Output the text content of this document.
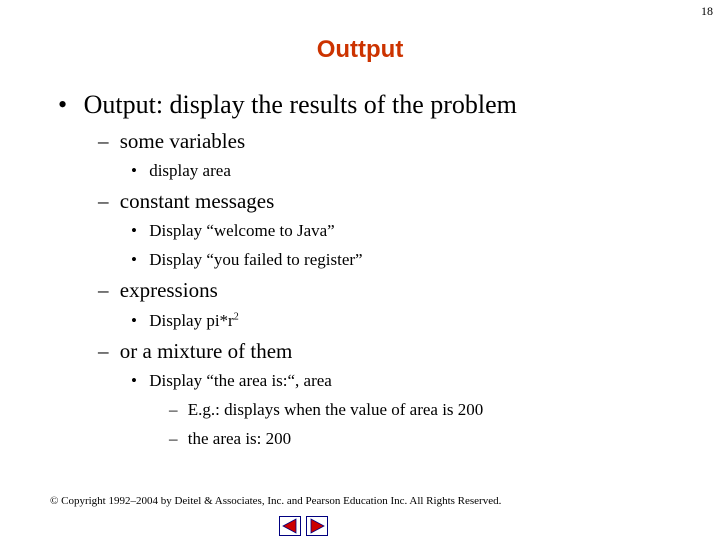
18
Outtput
• Output: display the results of the problem
– some variables
• display area
– constant messages
• Display “welcome to Java”
• Display “you failed to register”
– expressions
• Display $pi*r^2$
– or a mixture of them
• Display “the area is:“, area
– E.g.: displays when the value of area is 200
– the area is: 200
© Copyright 1992–2004 by Deitel & Associates, Inc. and Pearson Education Inc. All Rights Reserved.
